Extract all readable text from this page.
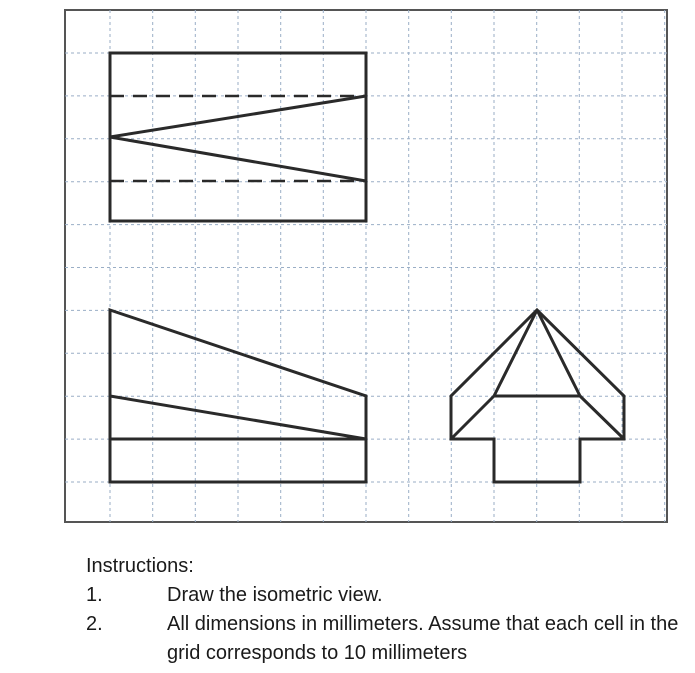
Instructions:
1.	Draw the isometric view.
2.	All dimensions in millimeters. Assume that each cell in the grid corresponds to 10 millimeters
